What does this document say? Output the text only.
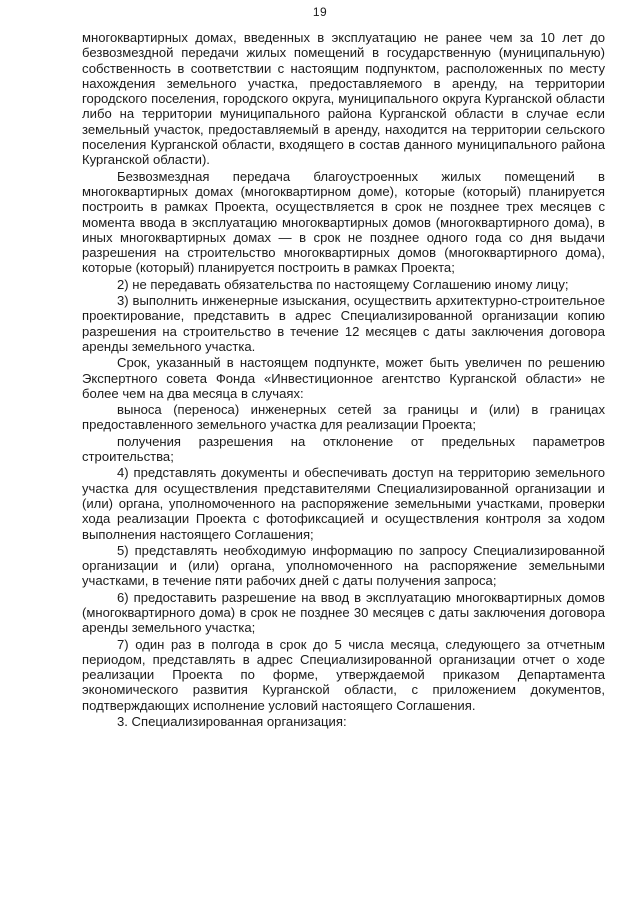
19

многоквартирных домах, введенных в эксплуатацию не ранее чем за 10 лет до безвозмездной передачи жилых помещений в государственную (муниципальную) собственность в соответствии с настоящим подпунктом, расположенных по месту нахождения земельного участка, предоставляемого в аренду, на территории городского поселения, городского округа, муниципального округа Курганской области либо на территории муниципального района Курганской области в случае если земельный участок, предоставляемый в аренду, находится на территории сельского поселения Курганской области, входящего в состав данного муниципального района Курганской области).

Безвозмездная передача благоустроенных жилых помещений в многоквартирных домах (многоквартирном доме), которые (который) планируется построить в рамках Проекта, осуществляется в срок не позднее трех месяцев с момента ввода в эксплуатацию многоквартирных домов (многоквартирного дома), в иных многоквартирных домах — в срок не позднее одного года со дня выдачи разрешения на строительство многоквартирных домов (многоквартирного дома), которые (который) планируется построить в рамках Проекта;

2) не передавать обязательства по настоящему Соглашению иному лицу;

3) выполнить инженерные изыскания, осуществить архитектурно-строительное проектирование, представить в адрес Специализированной организации копию разрешения на строительство в течение 12 месяцев с даты заключения договора аренды земельного участка.

Срок, указанный в настоящем подпункте, может быть увеличен по решению Экспертного совета Фонда «Инвестиционное агентство Курганской области» не более чем на два месяца в случаях:

выноса (переноса) инженерных сетей за границы и (или) в границах предоставленного земельного участка для реализации Проекта;

получения разрешения на отклонение от предельных параметров строительства;

4) представлять документы и обеспечивать доступ на территорию земельного участка для осуществления представителями Специализированной организации и (или) органа, уполномоченного на распоряжение земельными участками, проверки хода реализации Проекта с фотофиксацией и осуществления контроля за ходом выполнения настоящего Соглашения;

5) представлять необходимую информацию по запросу Специализированной организации и (или) органа, уполномоченного на распоряжение земельными участками, в течение пяти рабочих дней с даты получения запроса;

6) предоставить разрешение на ввод в эксплуатацию многоквартирных домов (многоквартирного дома) в срок не позднее 30 месяцев с даты заключения договора аренды земельного участка;

7) один раз в полгода в срок до 5 числа месяца, следующего за отчетным периодом, представлять в адрес Специализированной организации отчет о ходе реализации Проекта по форме, утверждаемой приказом Департамента экономического развития Курганской области, с приложением документов, подтверждающих исполнение условий настоящего Соглашения.

3. Специализированная организация:
